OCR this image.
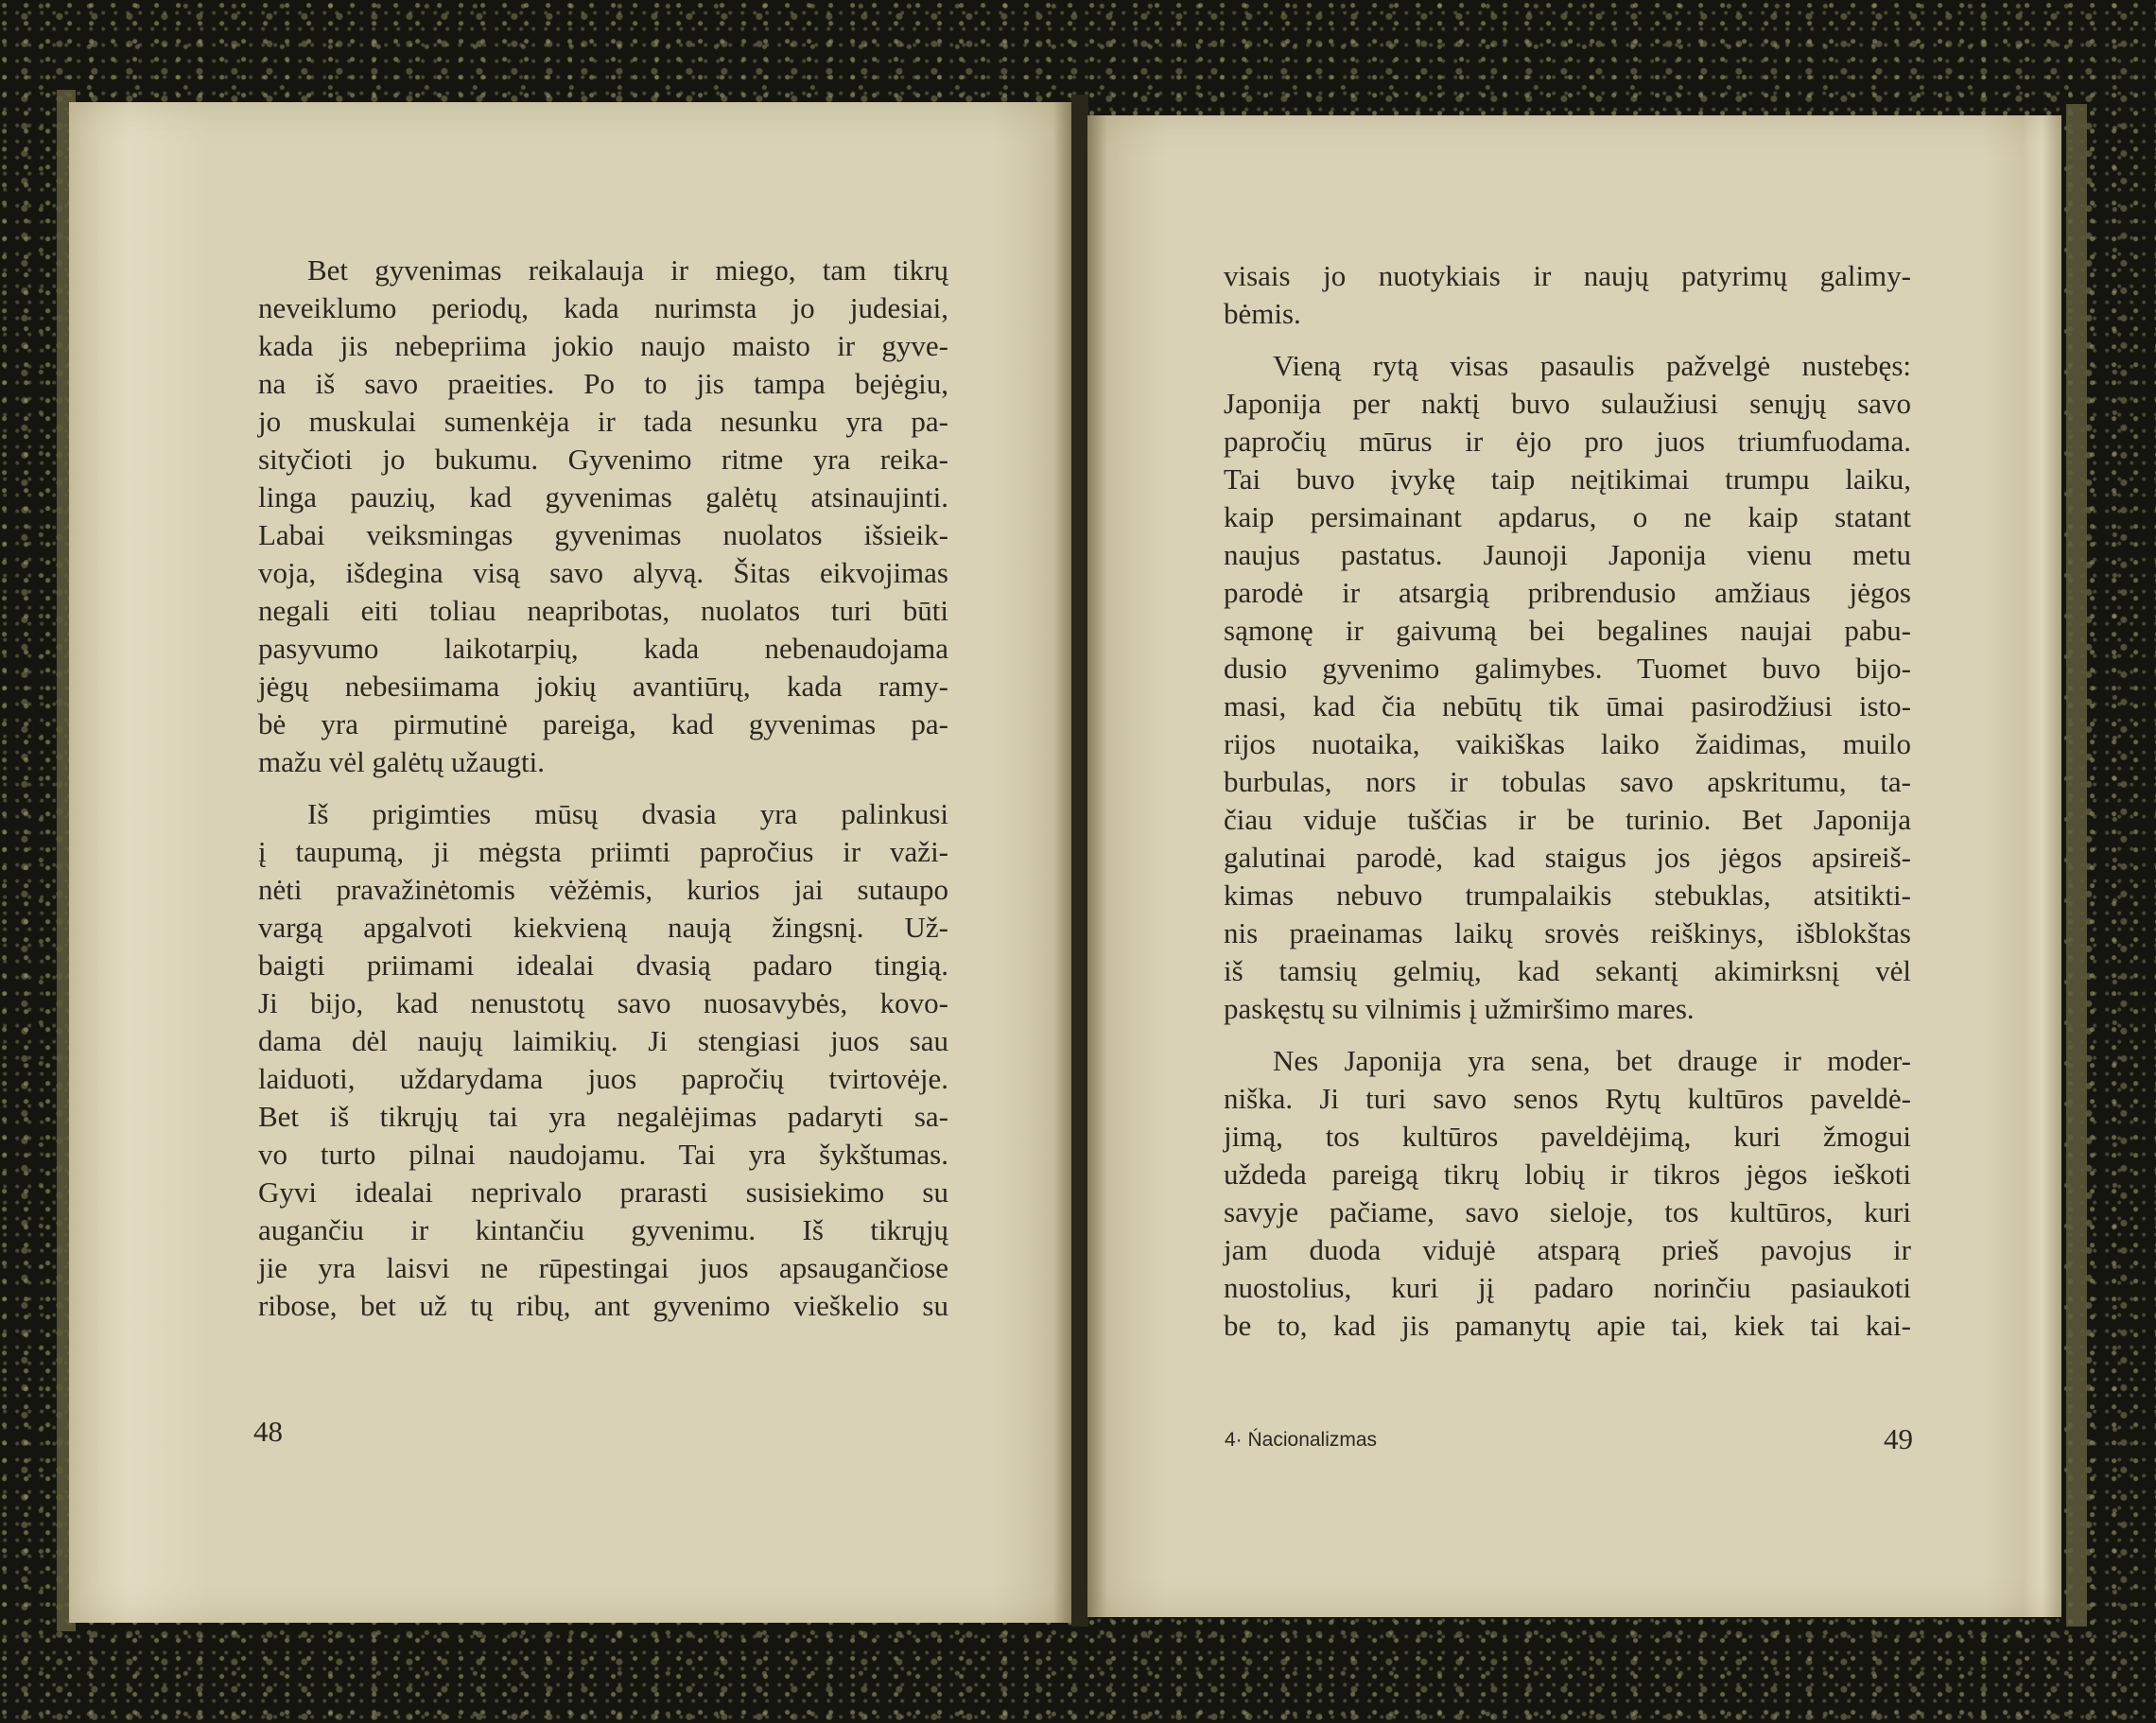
Bet gyvenimas reikalauja ir miego, tam tikrų
neveiklumo periodų, kada nurimsta jo judesiai,
kada jis nebepriima jokio naujo maisto ir gyve-
na iš savo praeities. Po to jis tampa bejėgiu,
jo muskulai sumenkėja ir tada nesunku yra pa-
sityčioti jo bukumu. Gyvenimo ritme yra reika-
linga pauzių, kad gyvenimas galėtų atsinaujinti.
Labai veiksmingas gyvenimas nuolatos išsieik-
voja, išdegina visą savo alyvą. Šitas eikvojimas
negali eiti toliau neapribotas, nuolatos turi būti
pasyvumo laikotarpių, kada nebenaudojama
jėgų nebesiimama jokių avantiūrų, kada ramy-
bė yra pirmutinė pareiga, kad gyvenimas pa-
mažu vėl galėtų užaugti.
Iš prigimties mūsų dvasia yra palinkusi
į taupumą, ji mėgsta priimti papročius ir važi-
nėti pravažinėtomis vėžėmis, kurios jai sutaupo
vargą apgalvoti kiekvieną naują žingsnį. Už-
baigti priimami idealai dvasią padaro tingią.
Ji bijo, kad nenustotų savo nuosavybės, kovo-
dama dėl naujų laimikių. Ji stengiasi juos sau
laiduoti, uždarydama juos papročių tvirtovėje.
Bet iš tikrųjų tai yra negalėjimas padaryti sa-
vo turto pilnai naudojamu. Tai yra šykštumas.
Gyvi idealai neprivalo prarasti susisiekimo su
augančiu ir kintančiu gyvenimu. Iš tikrųjų
jie yra laisvi ne rūpestingai juos apsaugančiose
ribose, bet už tų ribų, ant gyvenimo vieškelio su
visais jo nuotykiais ir naujų patyrimų galimy-
bėmis.
Vieną rytą visas pasaulis pažvelgė nustebęs:
Japonija per naktį buvo sulaužiusi senųjų savo
papročių mūrus ir ėjo pro juos triumfuodama.
Tai buvo įvykę taip neįtikimai trumpu laiku,
kaip persimainant apdarus, o ne kaip statant
naujus pastatus. Jaunoji Japonija vienu metu
parodė ir atsargią pribrendusio amžiaus jėgos
sąmonę ir gaivumą bei begalines naujai pabu-
dusio gyvenimo galimybes. Tuomet buvo bijo-
masi, kad čia nebūtų tik ūmai pasirodžiusi isto-
rijos nuotaika, vaikiškas laiko žaidimas, muilo
burbulas, nors ir tobulas savo apskritumu, ta-
čiau viduje tuščias ir be turinio. Bet Japonija
galutinai parodė, kad staigus jos jėgos apsireiš-
kimas nebuvo trumpalaikis stebuklas, atsitikti-
nis praeinamas laikų srovės reiškinys, išblokštas
iš tamsių gelmių, kad sekantį akimirksnį vėl
paskęstų su vilnimis į užmiršimo mares.
Nes Japonija yra sena, bet drauge ir moder-
niška. Ji turi savo senos Rytų kultūros paveldė-
jimą, tos kultūros paveldėjimą, kuri žmogui
uždeda pareigą tikrų lobių ir tikros jėgos ieškoti
savyje pačiame, savo sieloje, tos kultūros, kuri
jam duoda vidujė atsparą prieš pavojus ir
nuostolius, kuri jį padaro norinčiu pasiaukoti
be to, kad jis pamanytų apie tai, kiek tai kai-
48	4· Ńacionalizmas	49
